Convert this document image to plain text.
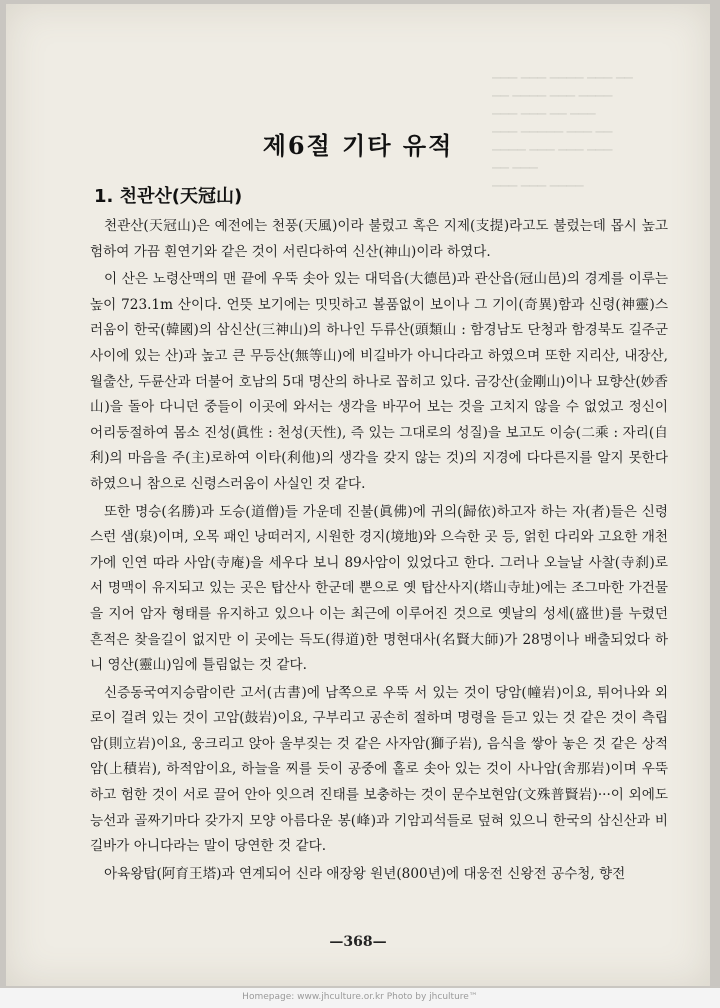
▁▁▁ ▁▁▁ ▁▁▁▁ ▁▁▁ ▁▁
▁▁ ▁▁▁▁ ▁▁▁ ▁▁▁▁
▁▁▁ ▁▁▁ ▁▁ ▁▁▁
▁▁▁ ▁▁▁▁▁ ▁▁▁ ▁▁
▁▁▁▁ ▁▁▁ ▁▁▁ ▁▁▁
▁▁ ▁▁▁
▁▁▁ ▁▁▁ ▁▁▁▁
제6절 기타 유적
1. 천관산(天冠山)

천관산(天冠山)은 예전에는 천풍(天風)이라 불렀고 혹은 지제(支提)라고도 불렀는데 몹시 높고 험하여 가끔 흰연기와 같은 것이 서린다하여 신산(神山)이라 하였다.

이 산은 노령산맥의 맨 끝에 우뚝 솟아 있는 대덕읍(大德邑)과 관산읍(冠山邑)의 경계를 이루는 높이 723.1m 산이다. 언뜻 보기에는 밋밋하고 볼품없이 보이나 그 기이(奇異)함과 신령(神靈)스러움이 한국(韓國)의 삼신산(三神山)의 하나인 두류산(頭類山 : 함경남도 단청과 함경북도 길주군 사이에 있는 산)과 높고 큰 무등산(無等山)에 비길바가 아니다라고 하였으며 또한 지리산, 내장산, 월출산, 두륜산과 더불어 호남의 5대 명산의 하나로 꼽히고 있다. 금강산(金剛山)이나 묘향산(妙香山)을 돌아 다니던 중들이 이곳에 와서는 생각을 바꾸어 보는 것을 고치지 않을 수 없었고 정신이 어리둥절하여 몸소 진성(眞性 : 천성(天性), 즉 있는 그대로의 성질)을 보고도 이승(二乘 : 자리(自利)의 마음을 주(主)로하여 이타(利他)의 생각을 갖지 않는 것)의 지경에 다다른지를 알지 못한다 하였으니 참으로 신령스러움이 사실인 것 같다.

또한 명승(名勝)과 도승(道僧)들 가운데 진불(眞佛)에 귀의(歸依)하고자 하는 자(者)들은 신령스런 샘(泉)이며, 오목 패인 낭떠러지, 시원한 경지(境地)와 으슥한 곳 등, 얽힌 다리와 고요한 개천가에 인연 따라 사암(寺庵)을 세우다 보니 89사암이 있었다고 한다. 그러나 오늘날 사찰(寺刹)로서 명맥이 유지되고 있는 곳은 탑산사 한군데 뿐으로 옛 탑산사지(塔山寺址)에는 조그마한 가건물을 지어 암자 형태를 유지하고 있으나 이는 최근에 이루어진 것으로 옛날의 성세(盛世)를 누렸던 흔적은 찾을길이 없지만 이 곳에는 득도(得道)한 명현대사(名賢大師)가 28명이나 배출되었다 하니 영산(靈山)임에 틀림없는 것 같다.

신증동국여지승람이란 고서(古書)에 남쪽으로 우뚝 서 있는 것이 당암(幢岩)이요, 튀어나와 외로이 걸려 있는 것이 고암(鼓岩)이요, 구부리고 공손히 절하며 명령을 듣고 있는 것 같은 것이 측립암(則立岩)이요, 웅크리고 앉아 울부짖는 것 같은 사자암(獅子岩), 음식을 쌓아 놓은 것 같은 상적암(上積岩), 하적암이요, 하늘을 찌를 듯이 공중에 홀로 솟아 있는 것이 사나암(舍那岩)이며 우뚝하고 험한 것이 서로 끌어 안아 잇으려 진태를 보충하는 것이 문수보현암(文殊普賢岩)···이 외에도 능선과 골짜기마다 갖가지 모양 아름다운 봉(峰)과 기암괴석들로 덮혀 있으니 한국의 삼신산과 비길바가 아니다라는 말이 당연한 것 같다.

아육왕탑(阿育王塔)과 연계되어 신라 애장왕 원년(800년)에 대웅전 신왕전 공수청, 향전

—368—
Homepage: www.jhculture.or.kr Photo by jhculture™
